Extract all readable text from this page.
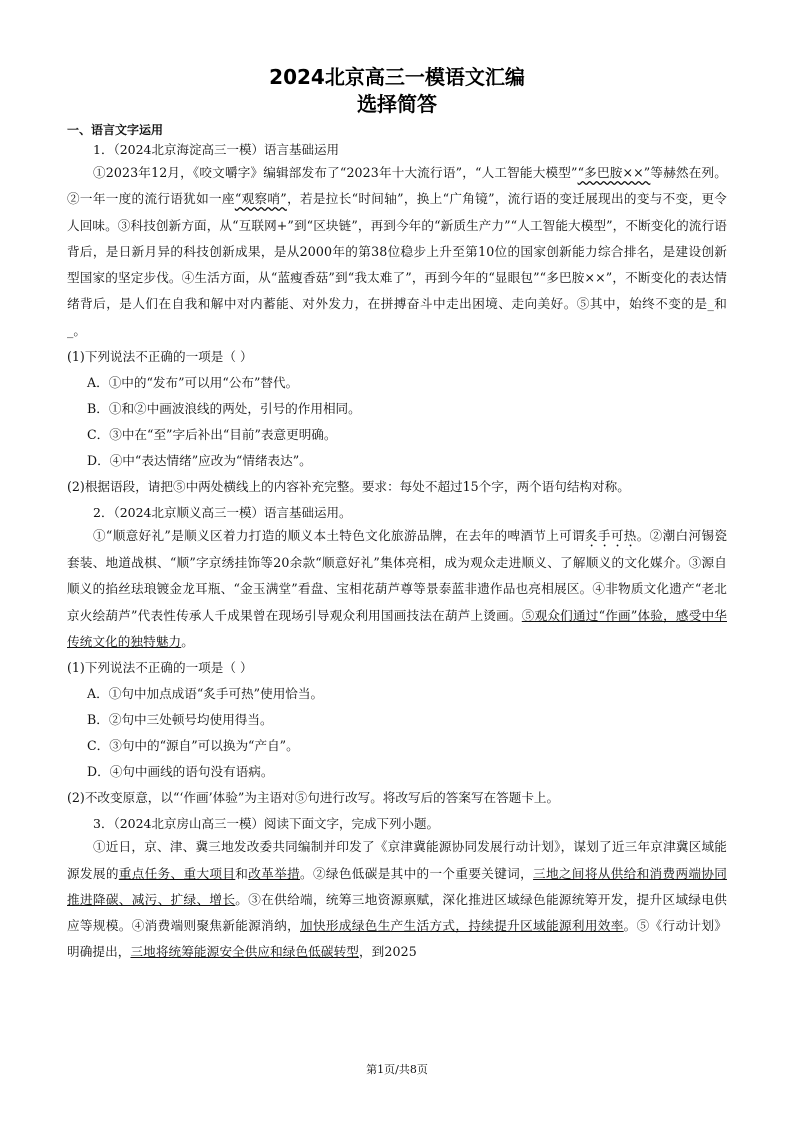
2024北京高三一模语文汇编
选择简答

一、语言文字运用

1．（2024北京海淀高三一模）语言基础运用

①2023年12月，《咬文嚼字》编辑部发布了“2023年十大流行语”，“人工智能大模型”“多巴胺××”等赫然在列。②一年一度的流行语犹如一座“观察哨”，若是拉长“时间轴”，换上“广角镜”，流行语的变迁展现出的变与不变，更令人回味。③科技创新方面，从“互联网+”到“区块链”，再到今年的“新质生产力”“人工智能大模型”，不断变化的流行语背后，是日新月异的科技创新成果，是从2000年的第38位稳步上升至第10位的国家创新能力综合排名，是建设创新型国家的坚定步伐。④生活方面，从“蓝瘦香菇”到“我太难了”，再到今年的“显眼包”“多巴胺××”，不断变化的表达情绪背后，是人们在自我和解中对内蓄能、对外发力，在拼搏奋斗中走出困境、走向美好。⑤其中，始终不变的是_和_。

(1)下列说法不正确的一项是（ ）

A．①中的“发布”可以用“公布”替代。

B．①和②中画波浪线的两处，引号的作用相同。

C．③中在“至”字后补出“目前”表意更明确。

D．④中“表达情绪”应改为“情绪表达”。

(2)根据语段，请把⑤中两处横线上的内容补充完整。要求：每处不超过15个字，两个语句结构对称。

2．（2024北京顺义高三一模）语言基础运用。

①“顺意好礼”是顺义区着力打造的顺义本土特色文化旅游品牌，在去年的啤酒节上可谓炙手可热。②潮白河锡瓷套装、地道战棋、“顺”字京绣挂饰等20余款“顺意好礼”集体亮相，成为观众走进顺义、了解顺义的文化媒介。③源自顺义的掐丝珐琅镀金龙耳瓶、“金玉满堂”看盘、宝相花葫芦尊等景泰蓝非遗作品也亮相展区。④非物质文化遗产“老北京火绘葫芦”代表性传承人千成果曾在现场引导观众利用国画技法在葫芦上烫画。⑤观众们通过“作画”体验，感受中华传统文化的独特魅力。

(1)下列说法不正确的一项是（ ）

A．①句中加点成语“炙手可热”使用恰当。

B．②句中三处顿号均使用得当。

C．③句中的“源自”可以换为“产自”。

D．④句中画线的语句没有语病。

(2)不改变原意，以“‘作画’体验”为主语对⑤句进行改写。将改写后的答案写在答题卡上。

3．（2024北京房山高三一模）阅读下面文字，完成下列小题。

①近日，京、津、冀三地发改委共同编制并印发了《京津冀能源协同发展行动计划》，谋划了近三年京津冀区域能源发展的重点任务、重大项目和改革举措。②绿色低碳是其中的一个重要关键词，三地之间将从供给和消费两端协同推进降碳、减污、扩绿、增长。③在供给端，统筹三地资源禀赋，深化推进区域绿色能源统筹开发，提升区域绿电供应等规模。④消费端则聚焦新能源消纳，加快形成绿色生产生活方式，持续提升区域能源利用效率。⑤《行动计划》明确提出，三地将统筹能源安全供应和绿色低碳转型，到2025

第1页/共8页
